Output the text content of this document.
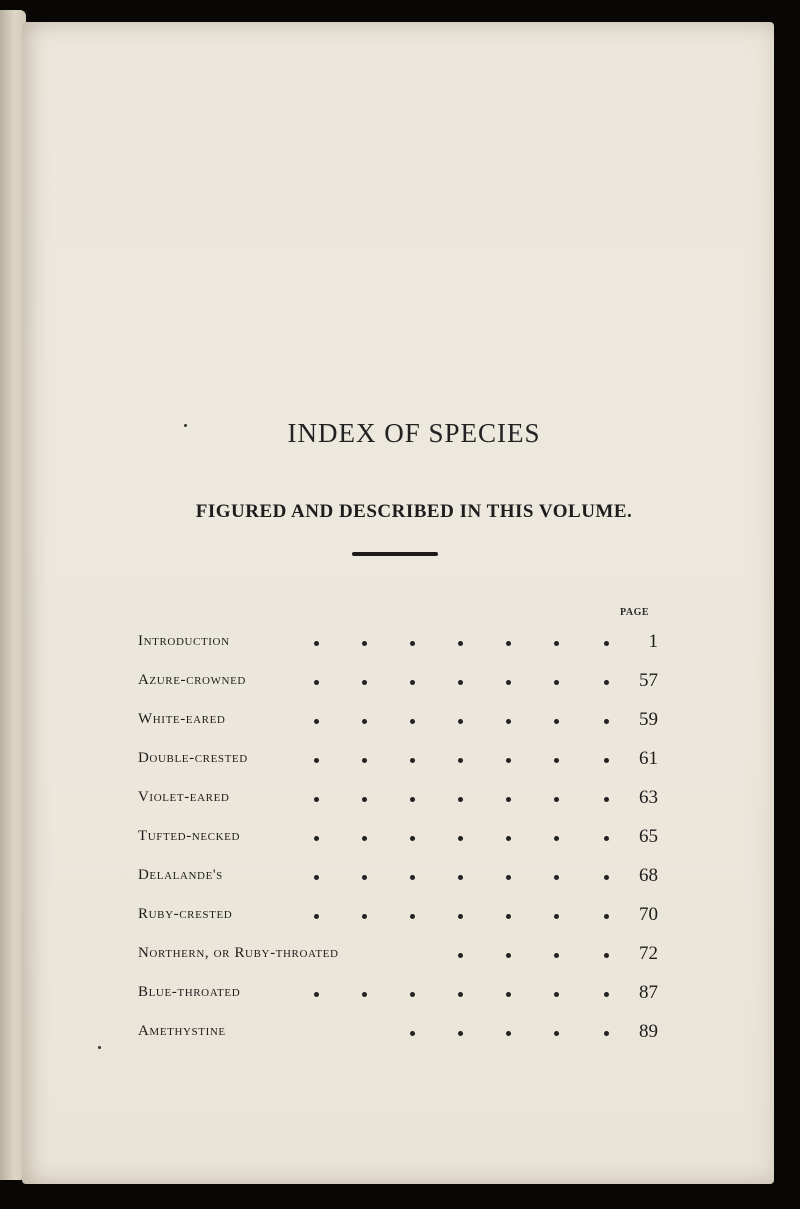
INDEX OF SPECIES
FIGURED AND DESCRIBED IN THIS VOLUME.
PAGE
Introduction	1
Azure-crowned	57
White-eared	59
Double-crested	61
Violet-eared	63
Tufted-necked	65
Delalande's	68
Ruby-crested	70
Northern, or Ruby-throated	72
Blue-throated	87
Amethystine	89
